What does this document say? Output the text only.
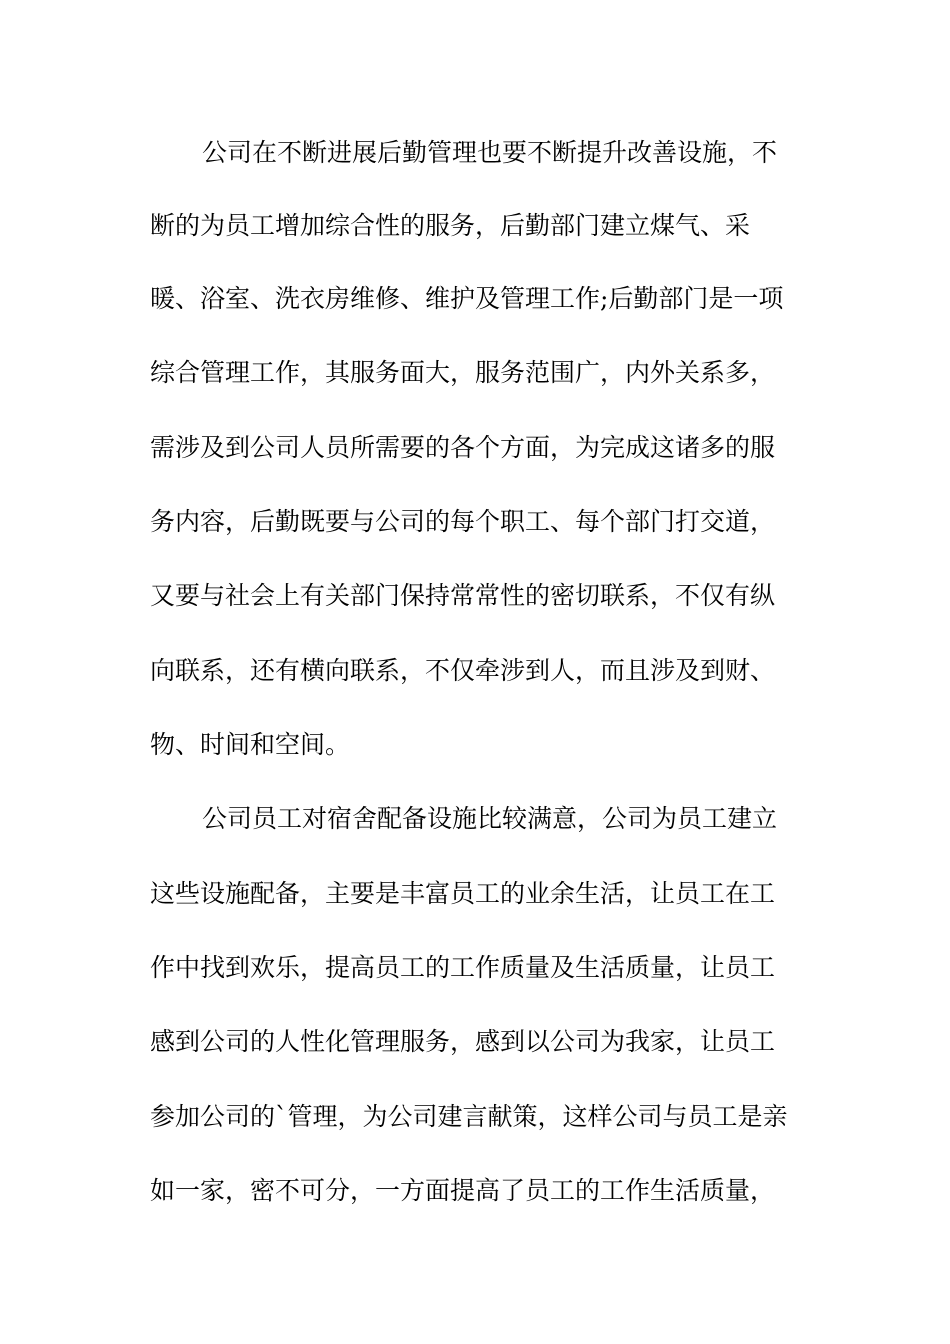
公司在不断进展后勤管理也要不断提升改善设施，不
断的为员工增加综合性的服务，后勤部门建立煤气、采
暖、浴室、洗衣房维修、维护及管理工作;后勤部门是一项
综合管理工作，其服务面大，服务范围广，内外关系多，
需涉及到公司人员所需要的各个方面，为完成这诸多的服
务内容，后勤既要与公司的每个职工、每个部门打交道，
又要与社会上有关部门保持常常性的密切联系，不仅有纵
向联系，还有横向联系，不仅牵涉到人，而且涉及到财、
物、时间和空间。
公司员工对宿舍配备设施比较满意，公司为员工建立
这些设施配备，主要是丰富员工的业余生活，让员工在工
作中找到欢乐，提高员工的工作质量及生活质量，让员工
感到公司的人性化管理服务，感到以公司为我家，让员工
参加公司的`管理，为公司建言献策，这样公司与员工是亲
如一家，密不可分，一方面提高了员工的工作生活质量，
